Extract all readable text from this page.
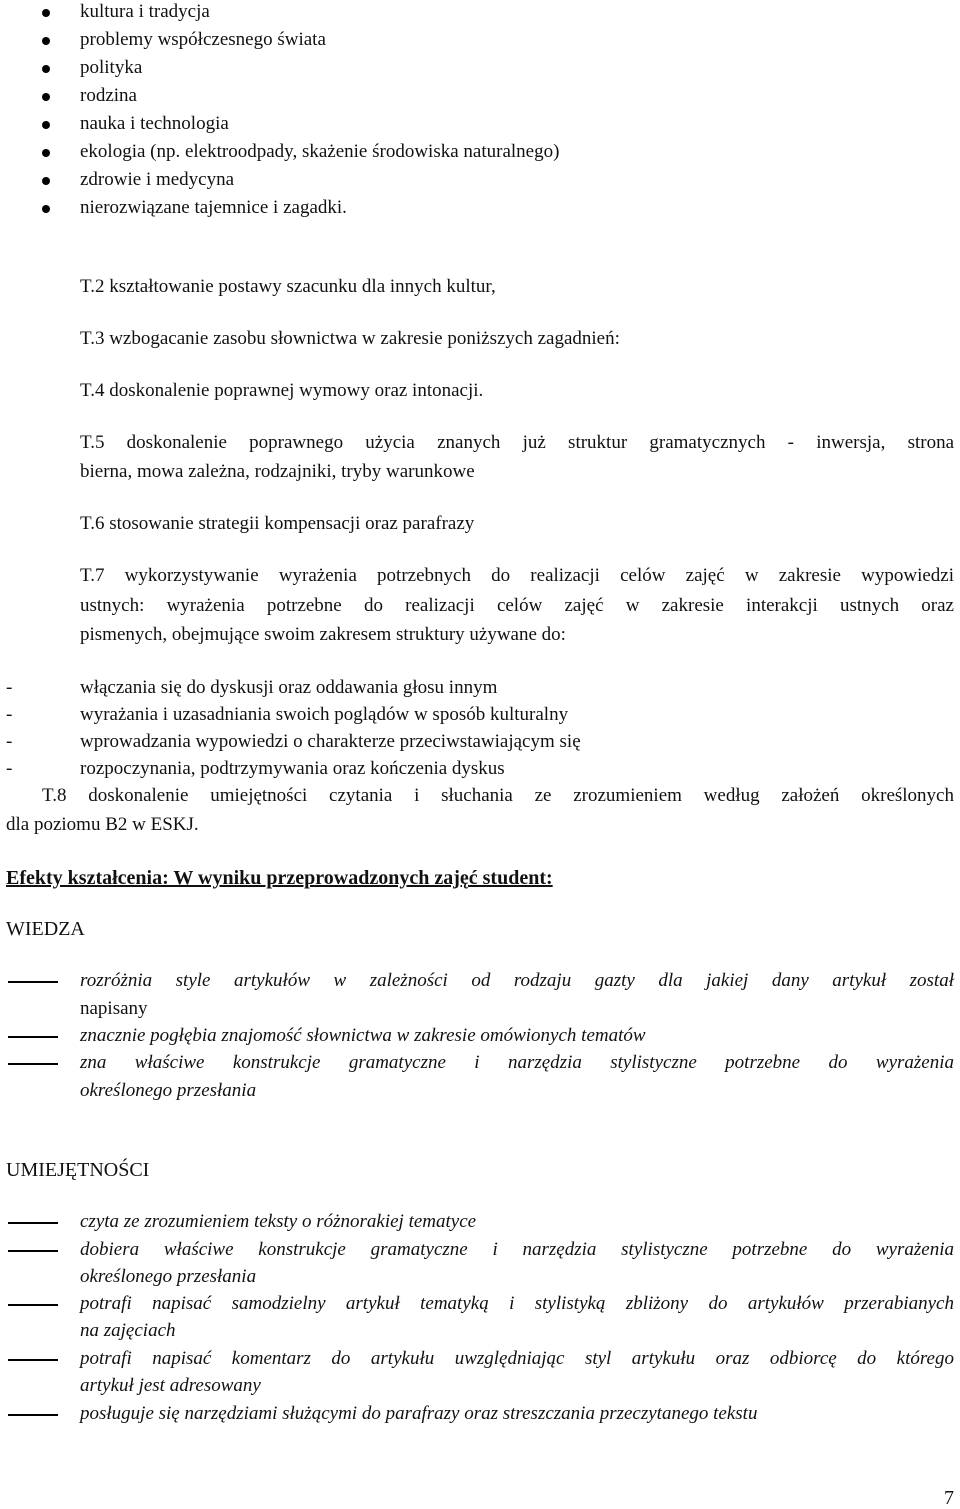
kultura i tradycja
problemy współczesnego świata
polityka
rodzina
nauka i technologia
ekologia (np. elektroodpady, skażenie środowiska naturalnego)
zdrowie i medycyna
nierozwiązane tajemnice i zagadki.
T.2 kształtowanie postawy szacunku dla innych kultur,
T.3 wzbogacanie zasobu słownictwa w zakresie poniższych zagadnień:
T.4 doskonalenie poprawnej wymowy oraz intonacji.
T.5 doskonalenie poprawnego użycia znanych już struktur gramatycznych - inwersja, strona
bierna, mowa zależna, rodzajniki, tryby warunkowe
T.6 stosowanie strategii kompensacji oraz parafrazy
T.7 wykorzystywanie wyrażenia potrzebnych do realizacji celów zajęć w zakresie wypowiedzi
ustnych: wyrażenia potrzebne do realizacji celów zajęć w zakresie interakcji ustnych oraz
pismenych, obejmujące swoim zakresem struktury używane do:
-	włączania się do dyskusji oraz oddawania głosu innym
-	wyrażania i uzasadniania swoich poglądów w sposób kulturalny
-	wprowadzania wypowiedzi o charakterze przeciwstawiającym się
-	rozpoczynania, podtrzymywania oraz kończenia dyskus
T.8 doskonalenie umiejętności czytania i słuchania ze zrozumieniem według założeń określonych
dla poziomu B2 w ESKJ.
Efekty kształcenia: W wyniku przeprowadzonych zajęć student:
WIEDZA
rozróżnia style artykułów w zależności od rodzaju gazty dla jakiej dany artykuł został
napisany
znacznie pogłębia znajomość słownictwa w zakresie omówionych tematów
zna właściwe konstrukcje gramatyczne i narzędzia stylistyczne potrzebne do wyrażenia
określonego przesłania
UMIEJĘTNOŚCI
czyta ze zrozumieniem teksty o różnorakiej tematyce
dobiera właściwe konstrukcje gramatyczne i narzędzia stylistyczne potrzebne do wyrażenia
określonego przesłania
potrafi napisać samodzielny artykuł tematyką i stylistyką zbliżony do artykułów przerabianych
na zajęciach
potrafi napisać komentarz do artykułu uwzględniając styl artykułu oraz odbiorcę do którego
artykuł jest adresowany
posługuje się narzędziami służącymi do parafrazy oraz streszczania przeczytanego tekstu
7
